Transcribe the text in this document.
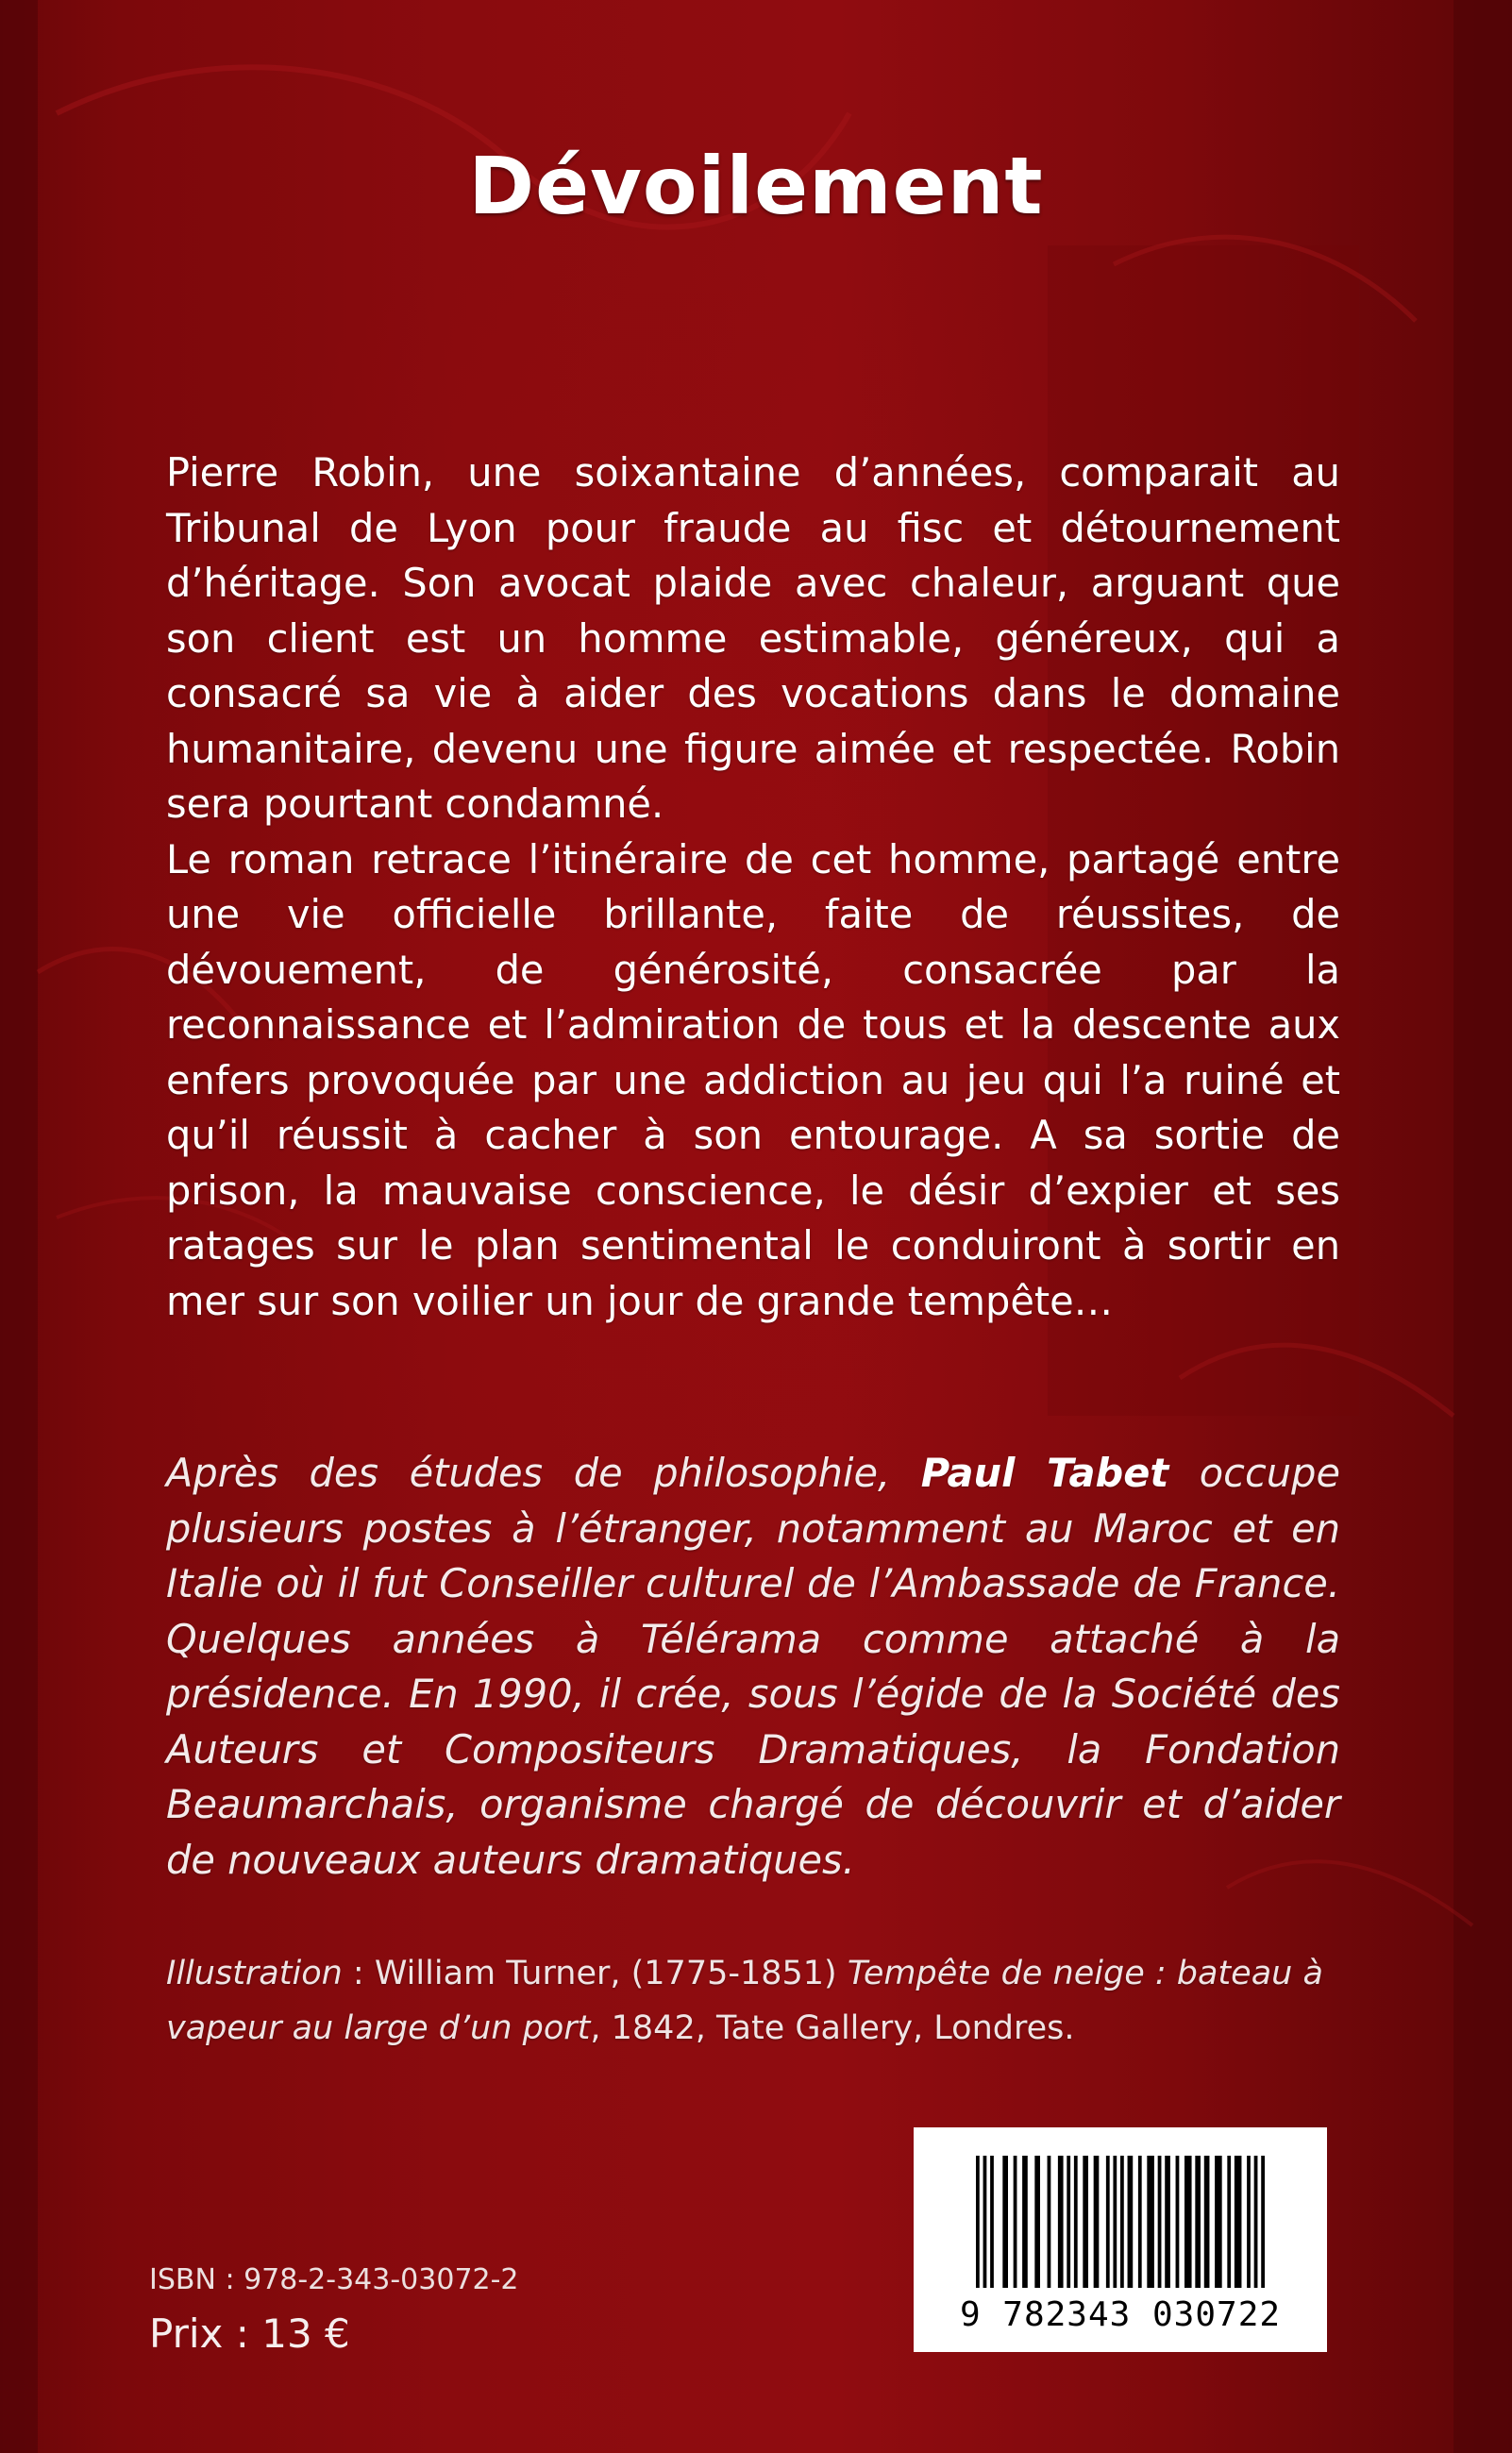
Dévoilement

Pierre Robin, une soixantaine d’années, comparait au Tribunal de Lyon pour fraude au fisc et détournement d’héritage. Son avocat plaide avec chaleur, arguant que son client est un homme estimable, généreux, qui a consacré sa vie à aider des vocations dans le domaine humanitaire, devenu une figure aimée et respectée. Robin sera pourtant condamné.

Le roman retrace l’itinéraire de cet homme, partagé entre une vie officielle brillante, faite de réussites, de dévouement, de générosité, consacrée par la reconnaissance et l’admiration de tous et la descente aux enfers provoquée par une addiction au jeu qui l’a ruiné et qu’il réussit à cacher à son entourage. A sa sortie de prison, la mauvaise conscience, le désir d’expier et ses ratages sur le plan sentimental le conduiront à sortir en mer sur son voilier un jour de grande tempête…

Après des études de philosophie, Paul Tabet occupe plusieurs postes à l’étranger, notamment au Maroc et en Italie où il fut Conseiller culturel de l’Ambassade de France. Quelques années à Télérama comme attaché à la présidence. En 1990, il crée, sous l’égide de la Société des Auteurs et Compositeurs Dramatiques, la Fondation Beaumarchais, organisme chargé de découvrir et d’aider de nouveaux auteurs dramatiques.

Illustration : William Turner, (1775-1851) Tempête de neige : bateau à vapeur au large d’un port, 1842, Tate Gallery, Londres.

ISBN : 978-2-343-03072-2
Prix : 13 €	9 782343 030722
